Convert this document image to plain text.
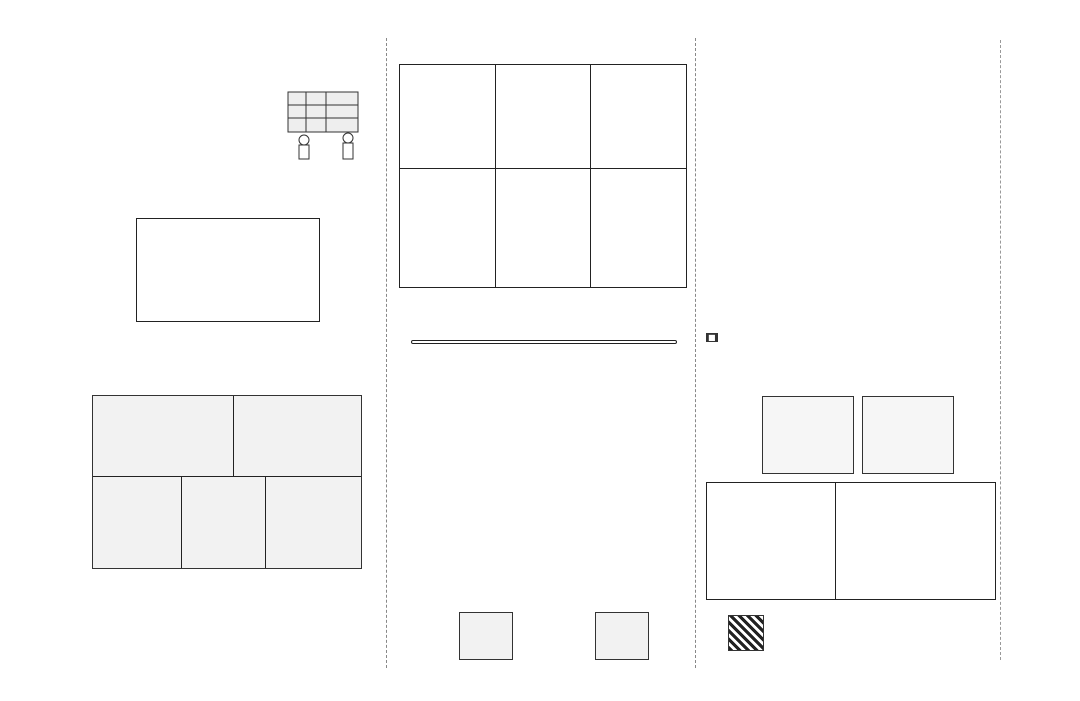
■
